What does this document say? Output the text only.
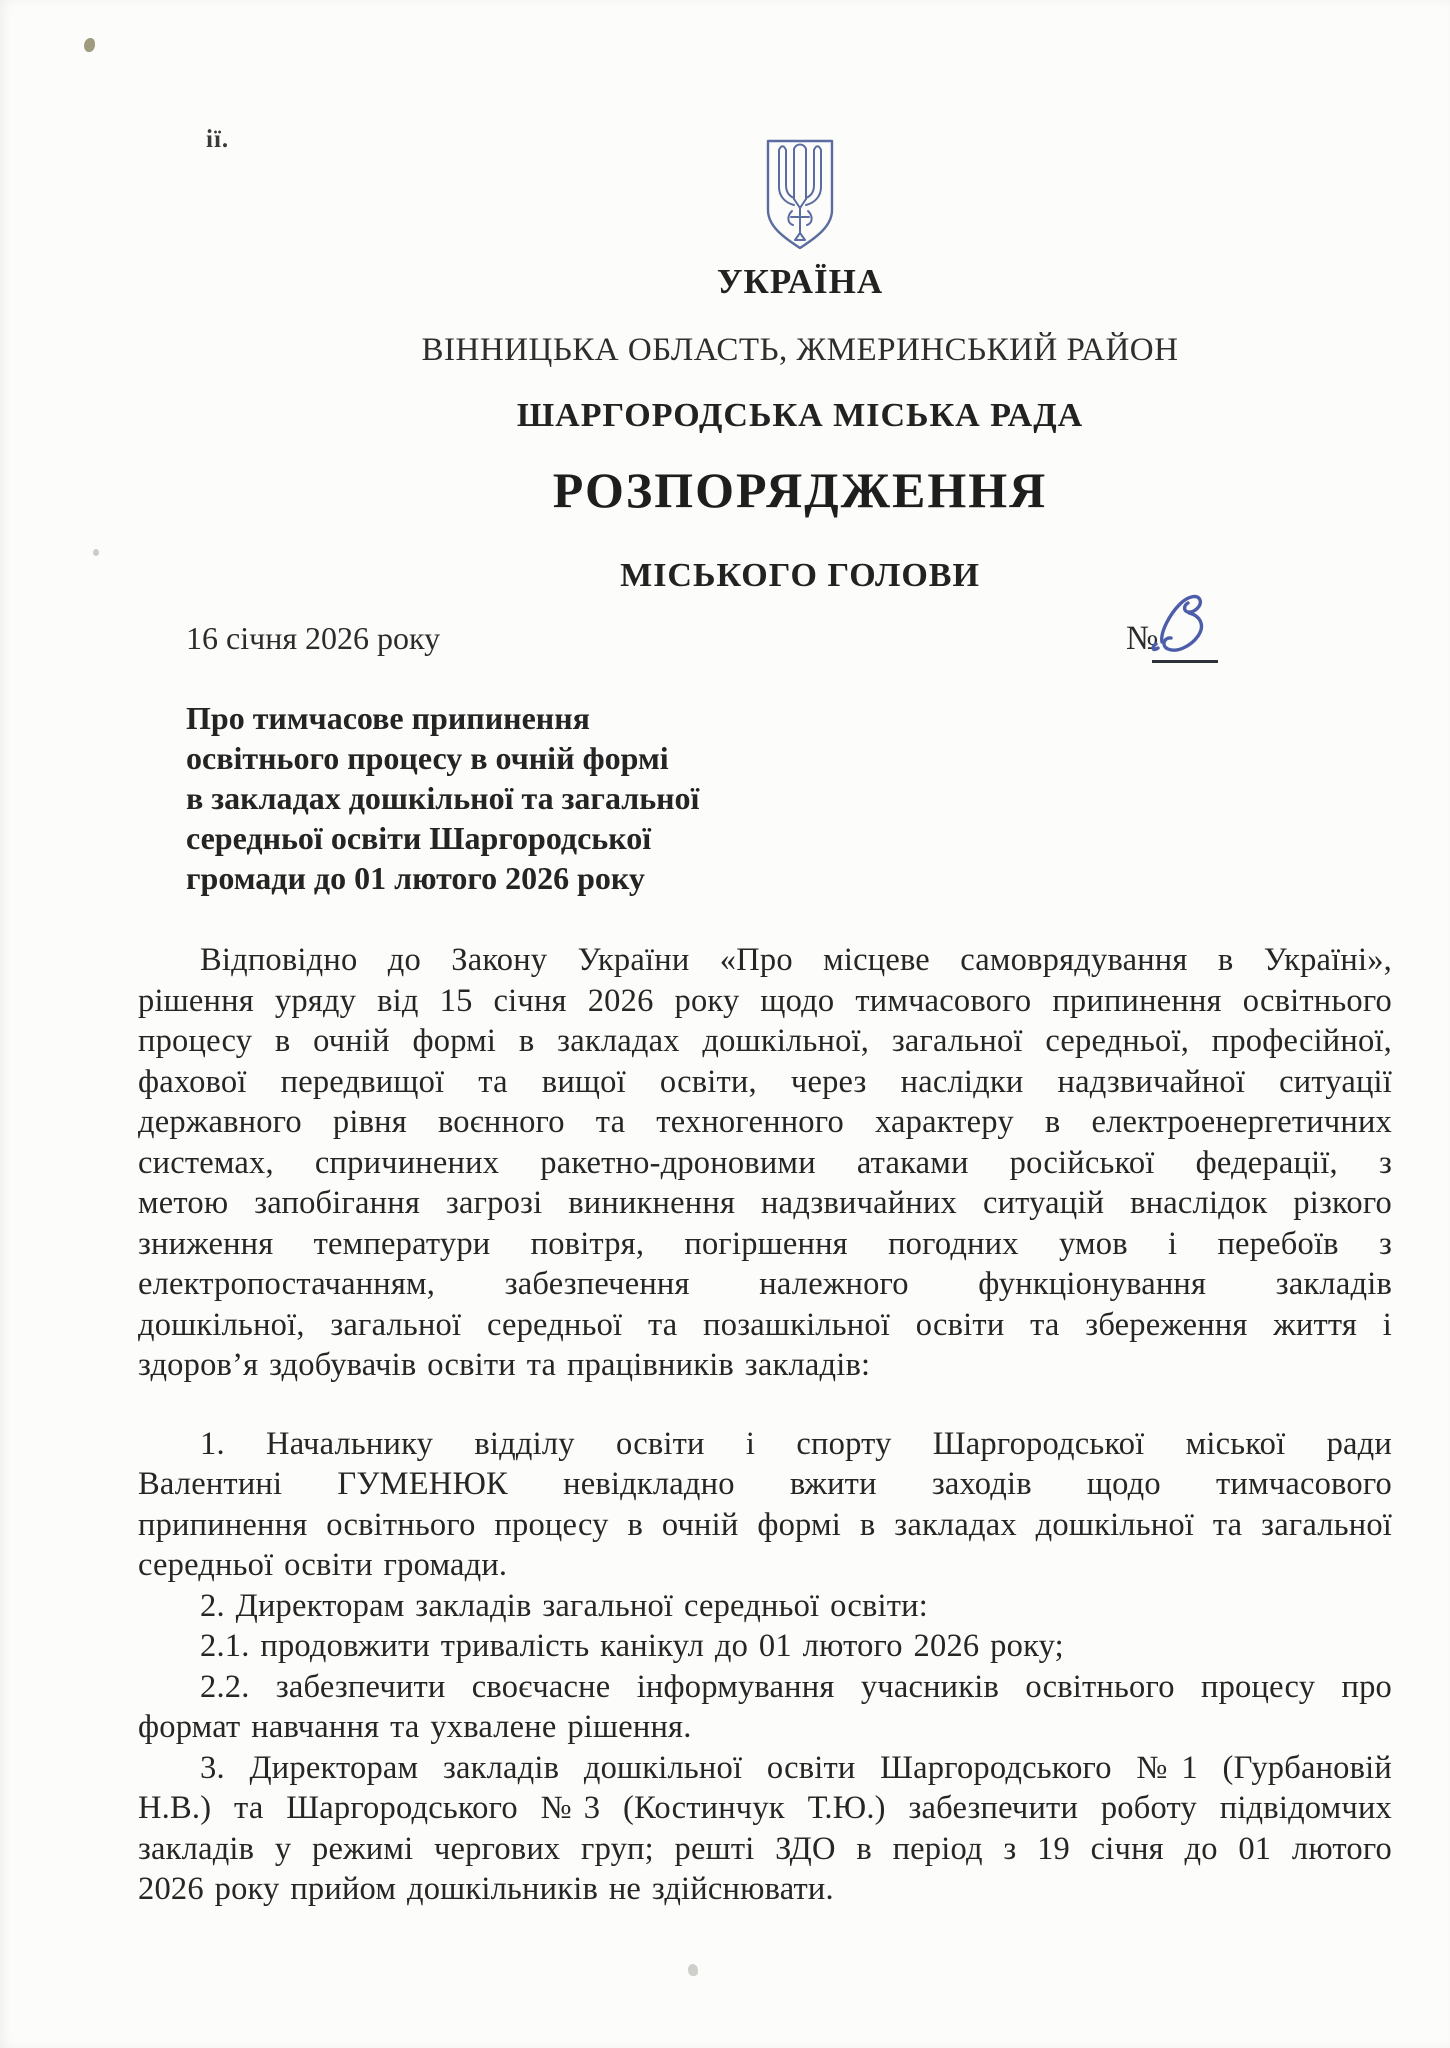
ії.
УКРАЇНА
ВІННИЦЬКА ОБЛАСТЬ, ЖМЕРИНСЬКИЙ РАЙОН
ШАРГОРОДСЬКА МІСЬКА РАДА
РОЗПОРЯДЖЕННЯ
МІСЬКОГО ГОЛОВИ
16 січня 2026 року	№
Про тимчасове припинення
освітнього процесу в очній формі
в закладах дошкільної та загальної
середньої освіти Шаргородської
громади до 01 лютого 2026 року
Відповідно до Закону України «Про місцеве самоврядування в Україні»,
рішення уряду від 15 січня 2026 року щодо тимчасового припинення освітнього
процесу в очній формі в закладах дошкільної, загальної середньої, професійної,
фахової передвищої та вищої освіти, через наслідки надзвичайної ситуації
державного рівня воєнного та техногенного характеру в електроенергетичних
системах, спричинених ракетно-дроновими атаками російської федерації, з
метою запобігання загрозі виникнення надзвичайних ситуацій внаслідок різкого
зниження температури повітря, погіршення погодних умов і перебоїв з
електропостачанням, забезпечення належного функціонування закладів
дошкільної, загальної середньої та позашкільної освіти та збереження життя і
здоров’я здобувачів освіти та працівників закладів:
1. Начальнику відділу освіти і спорту Шаргородської міської ради
Валентині ГУМЕНЮК невідкладно вжити заходів щодо тимчасового
припинення освітнього процесу в очній формі в закладах дошкільної та загальної
середньої освіти громади.
2. Директорам закладів загальної середньої освіти:
2.1. продовжити тривалість канікул до 01 лютого 2026 року;
2.2. забезпечити своєчасне інформування учасників освітнього процесу про
формат навчання та ухвалене рішення.
3. Директорам закладів дошкільної освіти Шаргородського №1 (Гурбановій
Н.В.) та Шаргородського №3 (Костинчук Т.Ю.) забезпечити роботу підвідомчих
закладів у режимі чергових груп; решті ЗДО в період з 19 січня до 01 лютого
2026 року прийом дошкільників не здійснювати.
